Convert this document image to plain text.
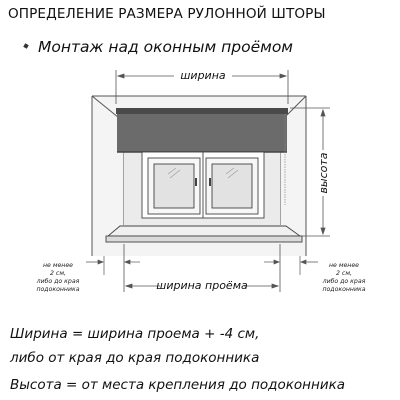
ОПРЕДЕЛЕНИЕ РАЗМЕРА РУЛОННОЙ ШТОРЫ
Монтаж над оконным проёмом
ширина
высота
ширина проёма
не менее
2 см,
либо до края
подоконника
не менее
2 см,
либо до края
подоконника
Ширина = ширина проема + -4 см,
либо от края до края подоконника
Высота = от места крепления до подоконника
